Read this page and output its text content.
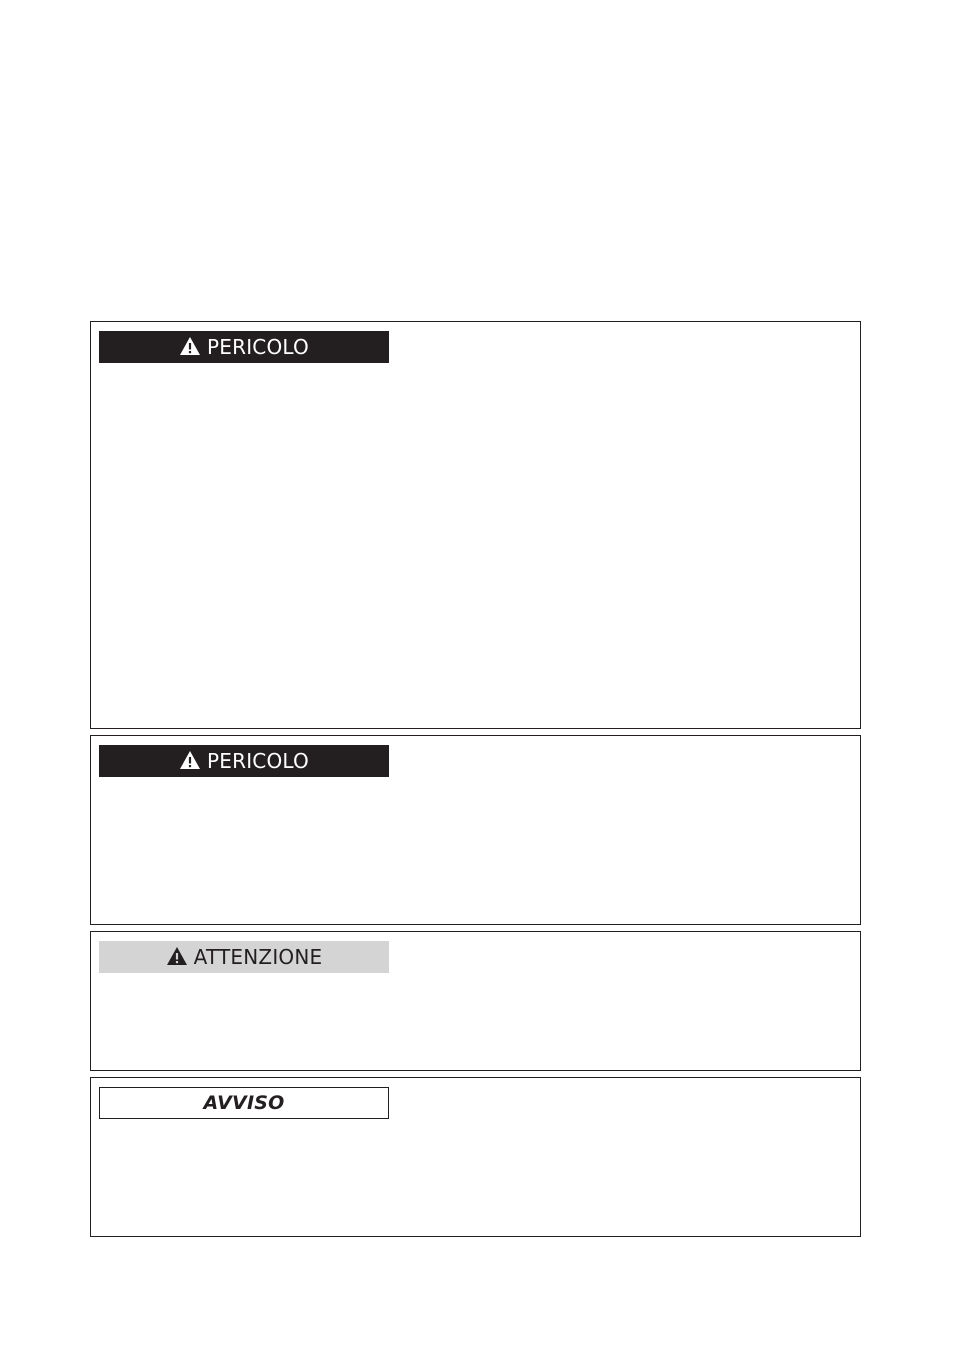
PERICOLO
PERICOLO
ATTENZIONE
AVVISO
